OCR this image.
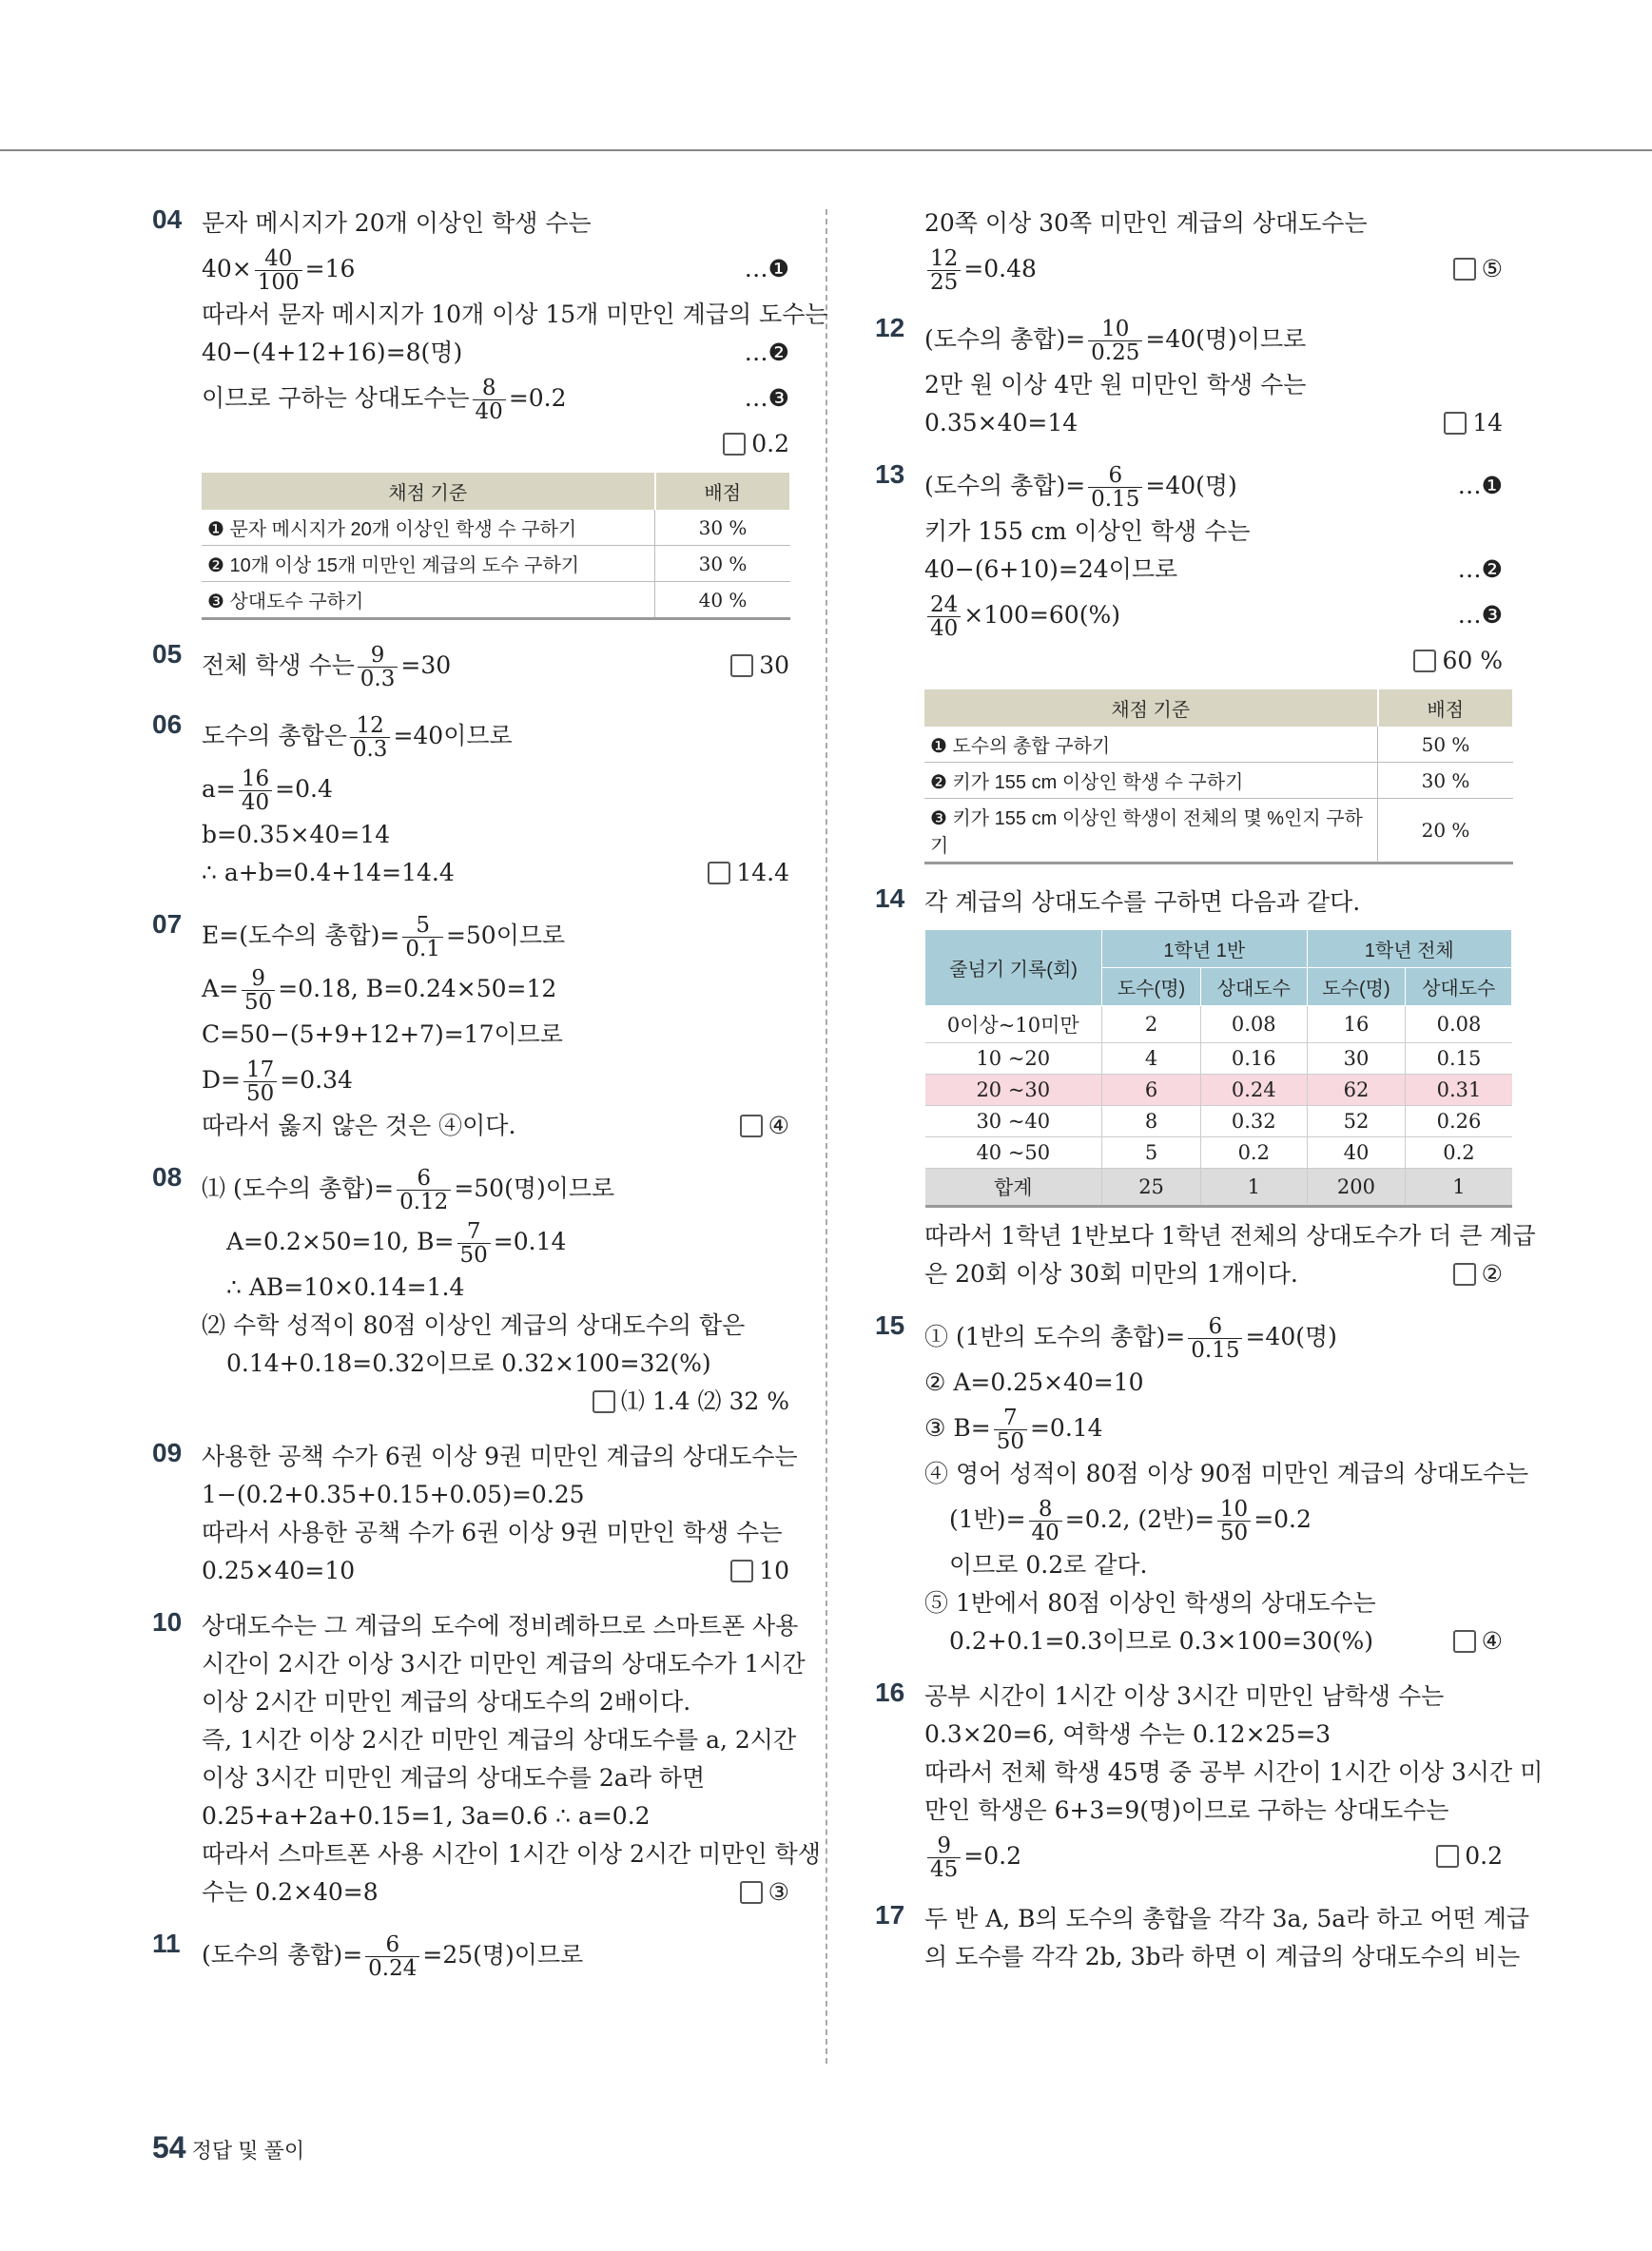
04 문자 메시지가 20개 이상인 학생 수는
$40\times \frac{40}{100} =16$	…❶
따라서 문자 메시지가 10개 이상 15개 미만인 계급의 도수는
40−(4+12+16)=8(명)	…❷
이므로 구하는 상대도수는 $\frac{8}{40} =0.2$	…❸
0.2
채점 기준	배점
❶ 문자 메시지가 20개 이상인 학생 수 구하기	30 %
❷ 10개 이상 15개 미만인 계급의 도수 구하기	30 %
❸ 상대도수 구하기	40 %
05 전체 학생 수는 $\frac{9}{0.3} =30$	30
06 도수의 총합은 $\frac{12}{0.3} =40$이므로
$a= \frac{16}{40} =0.4$
b=0.35×40=14
∴ a+b=0.4+14=14.4	14.4
07 E=(도수의 총합)= $\frac{5}{0.1} =50$이므로
$A= \frac{9}{50} =0.18$, B=0.24×50=12
C=50−(5+9+12+7)=17이므로
$D= \frac{17}{50} =0.34$
따라서 옳지 않은 것은 ④이다.	④
08 ⑴ (도수의 총합)= $\frac{6}{0.12} =50$(명)이므로
A=0.2×50=10, $B= \frac{7}{50} =0.14$
∴ AB=10×0.14=1.4
⑵ 수학 성적이 80점 이상인 계급의 상대도수의 합은
0.14+0.18=0.32이므로 0.32×100=32(%)
⑴ 1.4 ⑵ 32 %
09 사용한 공책 수가 6권 이상 9권 미만인 계급의 상대도수는
1−(0.2+0.35+0.15+0.05)=0.25
따라서 사용한 공책 수가 6권 이상 9권 미만인 학생 수는
0.25×40=10	10
10 상대도수는 그 계급의 도수에 정비례하므로 스마트폰 사용
시간이 2시간 이상 3시간 미만인 계급의 상대도수가 1시간
이상 2시간 미만인 계급의 상대도수의 2배이다.
즉, 1시간 이상 2시간 미만인 계급의 상대도수를 a, 2시간
이상 3시간 미만인 계급의 상대도수를 2a라 하면
0.25+a+2a+0.15=1, 3a=0.6 ∴ a=0.2
따라서 스마트폰 사용 시간이 1시간 이상 2시간 미만인 학생
수는 0.2×40=8	③
11 (도수의 총합)= $\frac{6}{0.24} =25$(명)이므로
20쪽 이상 30쪽 미만인 계급의 상대도수는
$\frac{12}{25} =0.48$	⑤
12 (도수의 총합)= $\frac{10}{0.25} =40$(명)이므로
2만 원 이상 4만 원 미만인 학생 수는
0.35×40=14	14
13 (도수의 총합)= $\frac{6}{0.15} =40$(명)	…❶
키가 155 cm 이상인 학생 수는
40−(6+10)=24이므로	…❷
$\frac{24}{40} \times 100=60(\%)$	…❸
60 %
채점 기준	배점
❶ 도수의 총합 구하기	50 %
❷ 키가 155 cm 이상인 학생 수 구하기	30 %
❸ 키가 155 cm 이상인 학생이 전체의 몇 %인지 구하기	20 %
14 각 계급의 상대도수를 구하면 다음과 같다.
줄넘기 기록(회)	1학년 1반		1학년 전체	
	도수(명)	상대도수	도수(명)	상대도수
0이상~10미만	2	0.08	16	0.08
10 ~20	4	0.16	30	0.15
20 ~30	6	0.24	62	0.31
30 ~40	8	0.32	52	0.26
40 ~50	5	0.2	40	0.2
합계	25	1	200	1
따라서 1학년 1반보다 1학년 전체의 상대도수가 더 큰 계급
은 20회 이상 30회 미만의 1개이다.	②
15 ① (1반의 도수의 총합)= $\frac{6}{0.15} =40$(명)
② A=0.25×40=10
③ $B= \frac{7}{50} =0.14$
④ 영어 성적이 80점 이상 90점 미만인 계급의 상대도수는
(1반)= $\frac{8}{40} =0.2$, (2반)= $\frac{10}{50} =0.2$
이므로 0.2로 같다.
⑤ 1반에서 80점 이상인 학생의 상대도수는
0.2+0.1=0.3이므로 0.3×100=30(%)	④
16 공부 시간이 1시간 이상 3시간 미만인 남학생 수는
0.3×20=6, 여학생 수는 0.12×25=3
따라서 전체 학생 45명 중 공부 시간이 1시간 이상 3시간 미
만인 학생은 6+3=9(명)이므로 구하는 상대도수는
$\frac{9}{45} =0.2$	0.2
17 두 반 A, B의 도수의 총합을 각각 3a, 5a라 하고 어떤 계급
의 도수를 각각 2b, 3b라 하면 이 계급의 상대도수의 비는
54 정답 및 풀이
